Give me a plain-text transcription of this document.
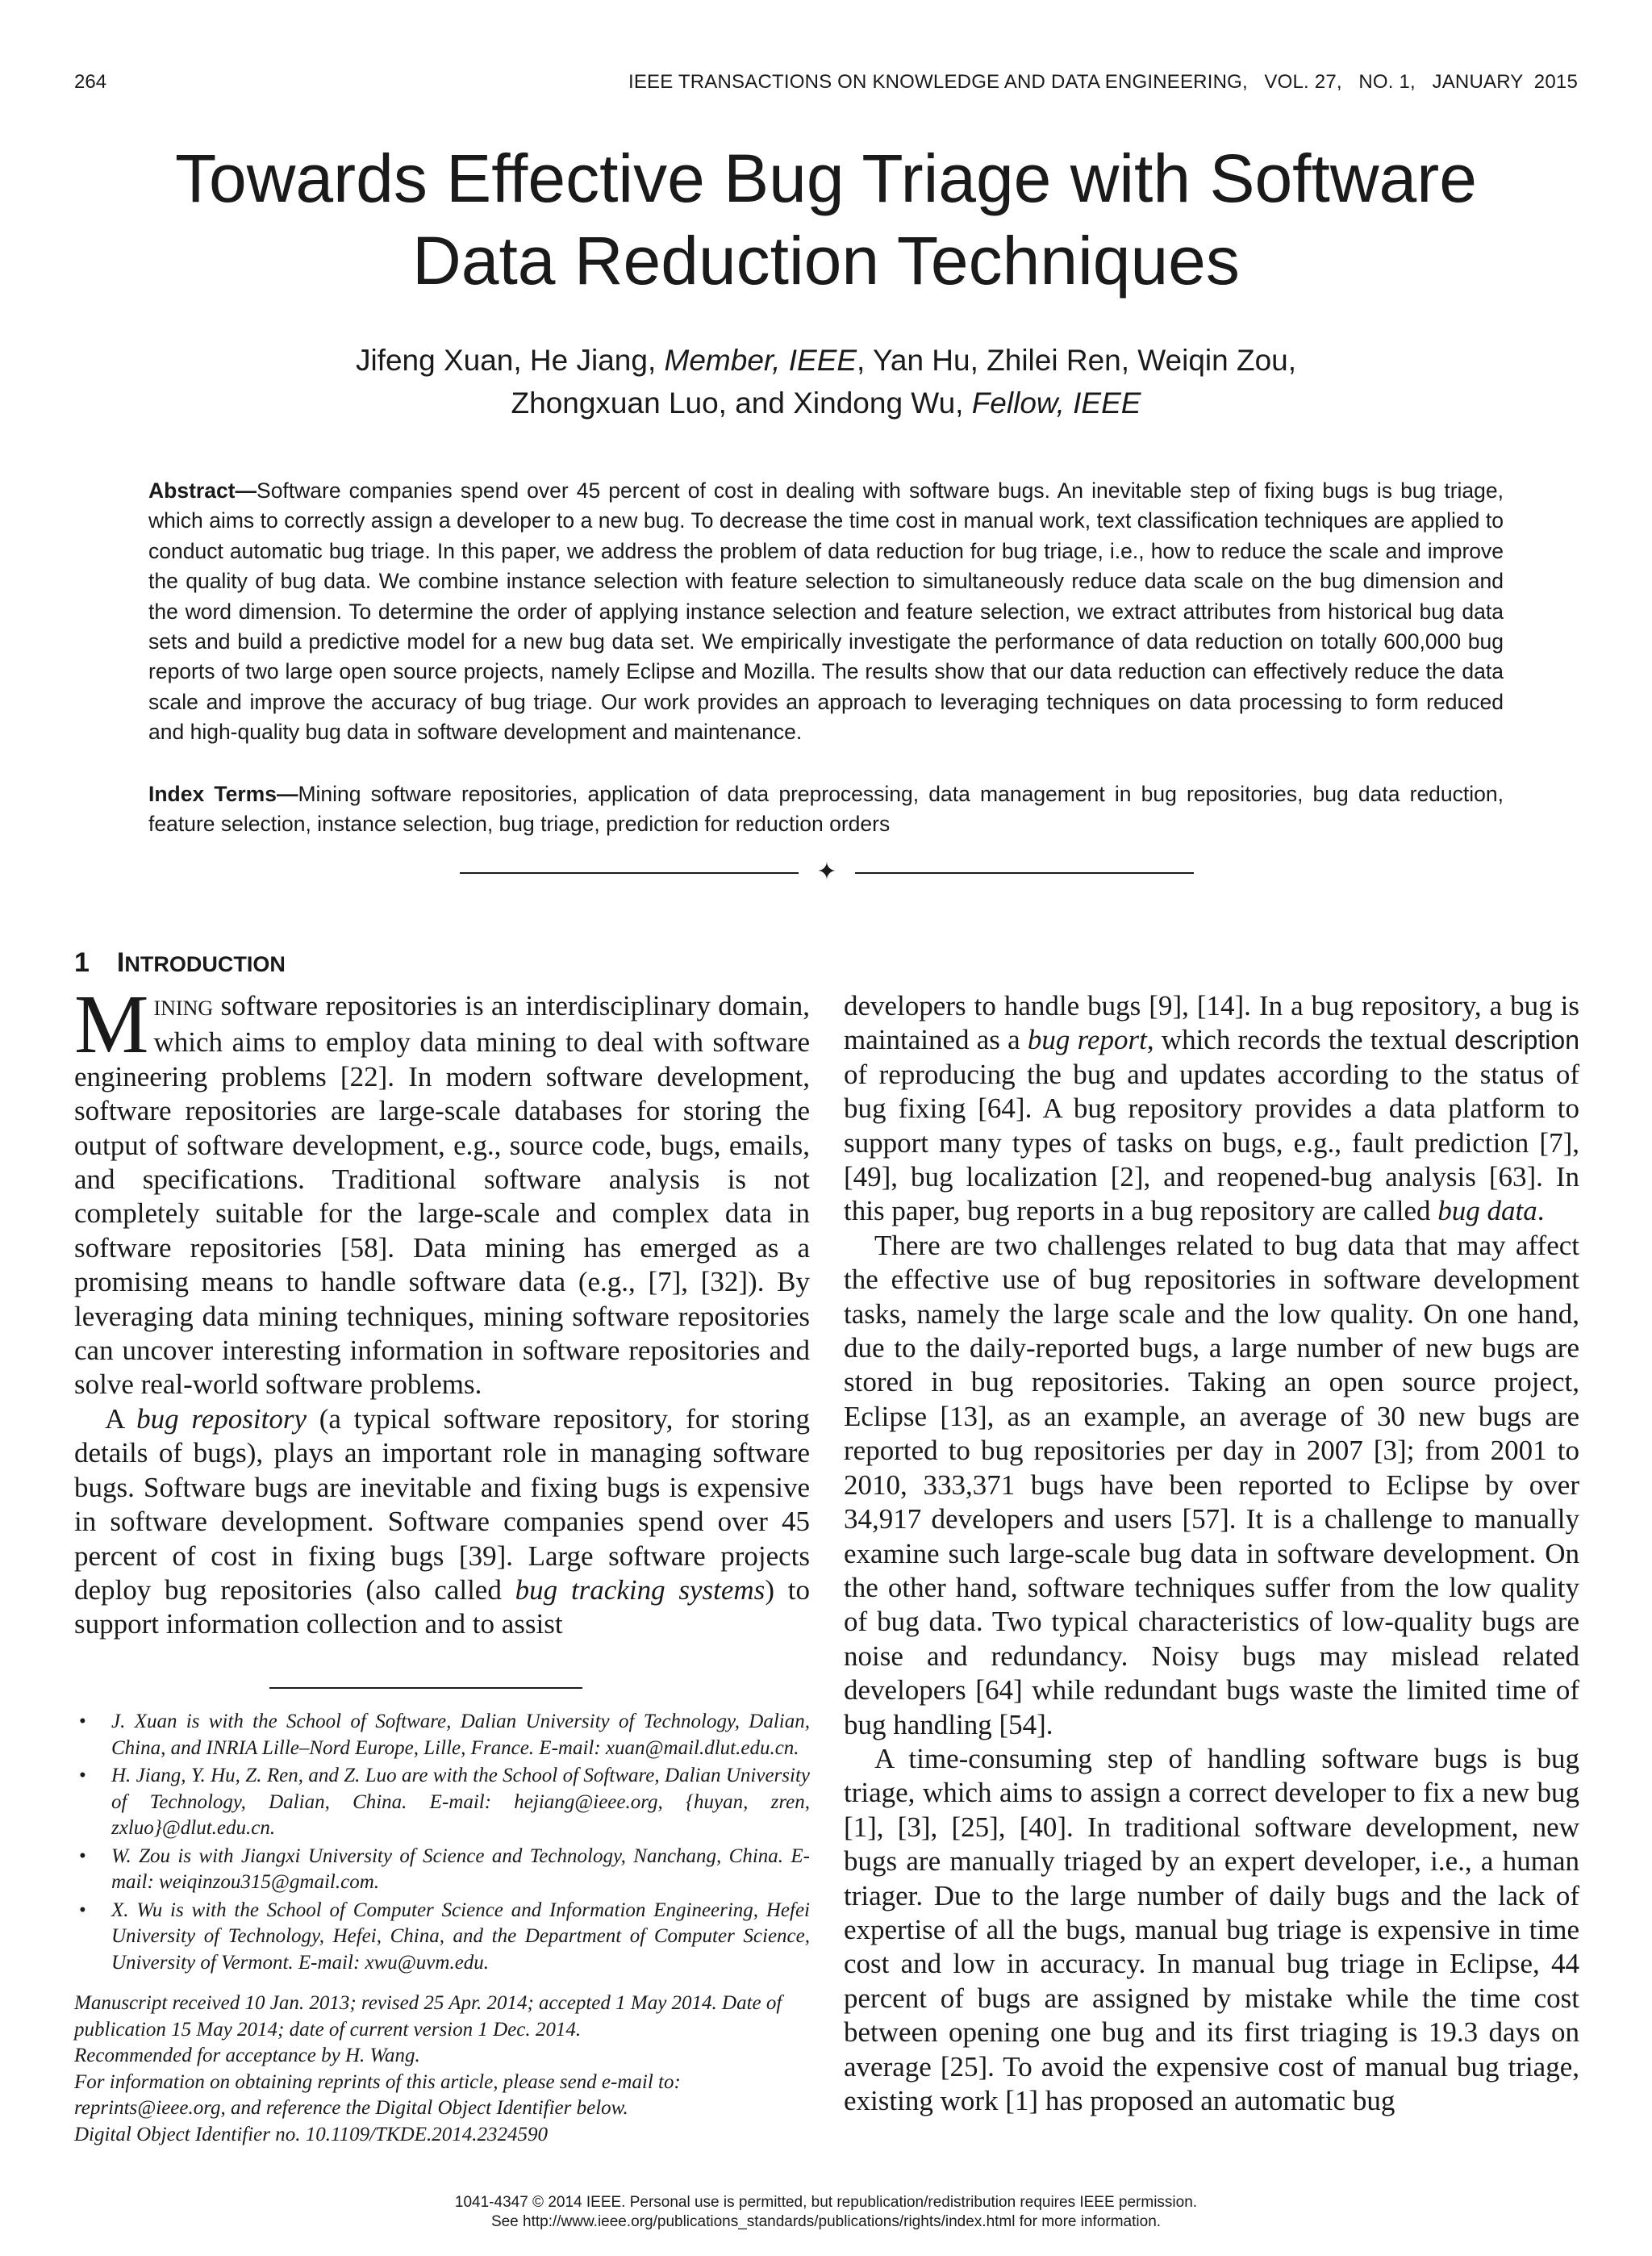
264	IEEE TRANSACTIONS ON KNOWLEDGE AND DATA ENGINEERING,   VOL. 27,   NO. 1,   JANUARY  2015
Towards Effective Bug Triage with Software
Data Reduction Techniques
Jifeng Xuan, He Jiang, Member, IEEE, Yan Hu, Zhilei Ren, Weiqin Zou,
Zhongxuan Luo, and Xindong Wu, Fellow, IEEE

Abstract—Software companies spend over 45 percent of cost in dealing with software bugs. An inevitable step of fixing bugs is bug triage, which aims to correctly assign a developer to a new bug. To decrease the time cost in manual work, text classification techniques are applied to conduct automatic bug triage. In this paper, we address the problem of data reduction for bug triage, i.e., how to reduce the scale and improve the quality of bug data. We combine instance selection with feature selection to simultaneously reduce data scale on the bug dimension and the word dimension. To determine the order of applying instance selection and feature selection, we extract attributes from historical bug data sets and build a predictive model for a new bug data set. We empirically investigate the performance of data reduction on totally 600,000 bug reports of two large open source projects, namely Eclipse and Mozilla. The results show that our data reduction can effectively reduce the data scale and improve the accuracy of bug triage. Our work provides an approach to leveraging techniques on data processing to form reduced and high-quality bug data in software development and maintenance.

Index Terms—Mining software repositories, application of data preprocessing, data management in bug repositories, bug data reduction, feature selection, instance selection, bug triage, prediction for reduction orders

✦
1 INTRODUCTION

MINING software repositories is an interdisciplinary domain, which aims to employ data mining to deal with software engineering problems [22]. In modern software development, software repositories are large-scale databases for storing the output of software development, e.g., source code, bugs, emails, and specifications. Traditional software analysis is not completely suitable for the large-scale and complex data in software repositories [58]. Data mining has emerged as a promising means to handle software data (e.g., [7], [32]). By leveraging data mining techniques, mining software repositories can uncover interesting information in software repositories and solve real-world software problems.

A bug repository (a typical software repository, for storing details of bugs), plays an important role in managing software bugs. Software bugs are inevitable and fixing bugs is expensive in software development. Software companies spend over 45 percent of cost in fixing bugs [39]. Large software projects deploy bug repositories (also called bug tracking systems) to support information collection and to assist

• J. Xuan is with the School of Software, Dalian University of Technology, Dalian, China, and INRIA Lille–Nord Europe, Lille, France. E-mail: xuan@mail.dlut.edu.cn.
• H. Jiang, Y. Hu, Z. Ren, and Z. Luo are with the School of Software, Dalian University of Technology, Dalian, China. E-mail: hejiang@ieee.org, {huyan, zren, zxluo}@dlut.edu.cn.
• W. Zou is with Jiangxi University of Science and Technology, Nanchang, China. E-mail: weiqinzou315@gmail.com.
• X. Wu is with the School of Computer Science and Information Engineering, Hefei University of Technology, Hefei, China, and the Department of Computer Science, University of Vermont. E-mail: xwu@uvm.edu.
Manuscript received 10 Jan. 2013; revised 25 Apr. 2014; accepted 1 May 2014. Date of publication 15 May 2014; date of current version 1 Dec. 2014.
Recommended for acceptance by H. Wang.
For information on obtaining reprints of this article, please send e-mail to: reprints@ieee.org, and reference the Digital Object Identifier below.
Digital Object Identifier no. 10.1109/TKDE.2014.2324590

developers to handle bugs [9], [14]. In a bug repository, a bug is maintained as a bug report, which records the textual description of reproducing the bug and updates according to the status of bug fixing [64]. A bug repository provides a data platform to support many types of tasks on bugs, e.g., fault prediction [7], [49], bug localization [2], and reopened-bug analysis [63]. In this paper, bug reports in a bug repository are called bug data.

There are two challenges related to bug data that may affect the effective use of bug repositories in software development tasks, namely the large scale and the low quality. On one hand, due to the daily-reported bugs, a large number of new bugs are stored in bug repositories. Taking an open source project, Eclipse [13], as an example, an average of 30 new bugs are reported to bug repositories per day in 2007 [3]; from 2001 to 2010, 333,371 bugs have been reported to Eclipse by over 34,917 developers and users [57]. It is a challenge to manually examine such large-scale bug data in software development. On the other hand, software techniques suffer from the low quality of bug data. Two typical characteristics of low-quality bugs are noise and redundancy. Noisy bugs may mislead related developers [64] while redundant bugs waste the limited time of bug handling [54].

A time-consuming step of handling software bugs is bug triage, which aims to assign a correct developer to fix a new bug [1], [3], [25], [40]. In traditional software development, new bugs are manually triaged by an expert developer, i.e., a human triager. Due to the large number of daily bugs and the lack of expertise of all the bugs, manual bug triage is expensive in time cost and low in accuracy. In manual bug triage in Eclipse, 44 percent of bugs are assigned by mistake while the time cost between opening one bug and its first triaging is 19.3 days on average [25]. To avoid the expensive cost of manual bug triage, existing work [1] has proposed an automatic bug

1041-4347 © 2014 IEEE. Personal use is permitted, but republication/redistribution requires IEEE permission.
See http://www.ieee.org/publications_standards/publications/rights/index.html for more information.
